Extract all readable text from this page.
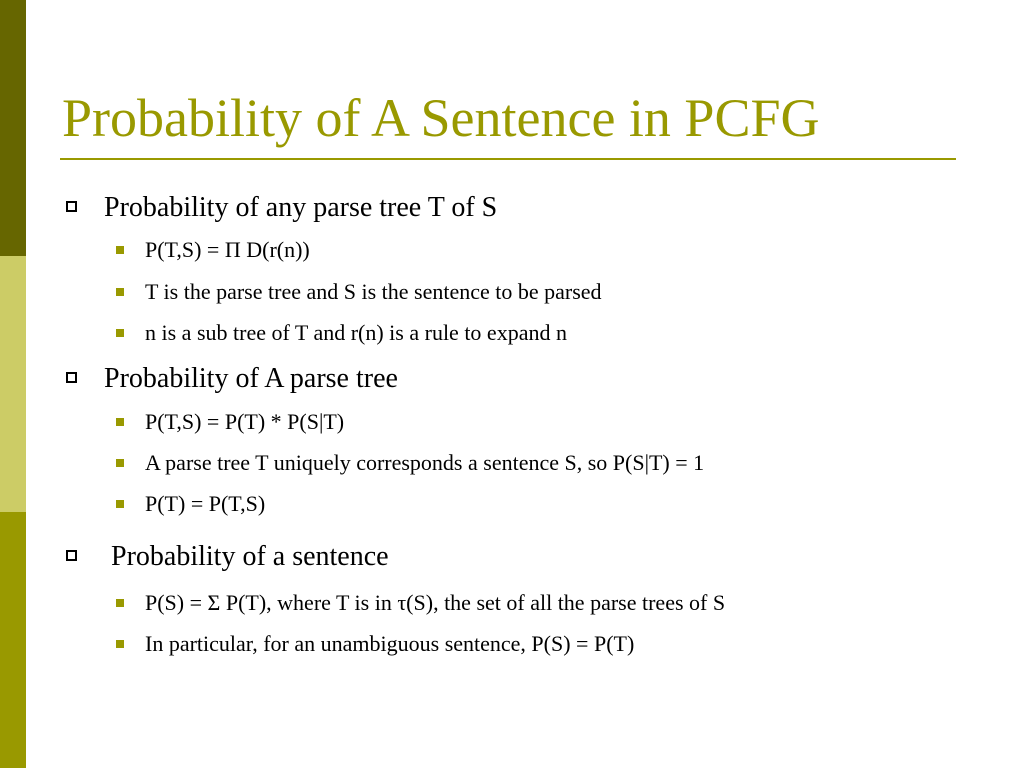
Probability of A Sentence in PCFG
Probability of any parse tree T of S
P(T,S) = Π D(r(n))
T is the parse tree and S is the sentence to be parsed
n is a sub tree of T and r(n) is a rule to expand n
Probability of A parse tree
P(T,S) = P(T) * P(S|T)
A parse tree T uniquely corresponds a sentence S, so P(S|T) = 1
P(T) = P(T,S)
Probability of a sentence
P(S) = Σ P(T), where T is in τ(S), the set of all the parse trees of S
In particular, for an unambiguous sentence, P(S) = P(T)
